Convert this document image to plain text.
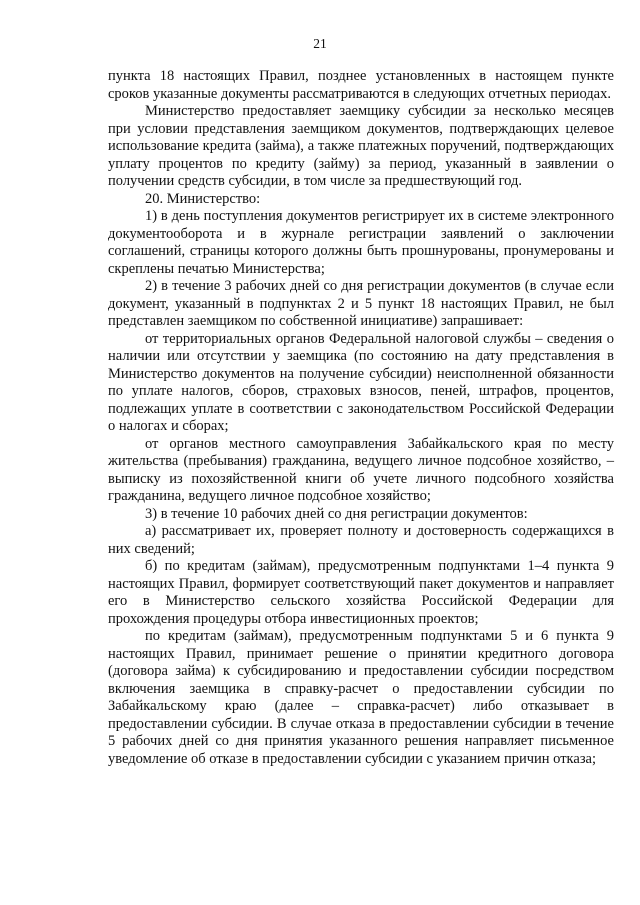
21

пункта 18 настоящих Правил, позднее установленных в настоящем пункте сроков указанные документы рассматриваются в следующих отчетных периодах.

Министерство предоставляет заемщику субсидии за несколько месяцев при условии представления заемщиком документов, подтверждающих целевое использование кредита (займа), а также платежных поручений, подтверждающих уплату процентов по кредиту (займу) за период, указанный в заявлении о получении средств субсидии, в том числе за предшествующий год.

20. Министерство:

1) в день поступления документов регистрирует их в системе электронного документооборота и в журнале регистрации заявлений о заключении соглашений, страницы которого должны быть прошнурованы, пронумерованы и скреплены печатью Министерства;

2) в течение 3 рабочих дней со дня регистрации документов (в случае если документ, указанный в подпунктах 2 и 5 пункт 18 настоящих Правил, не был представлен заемщиком по собственной инициативе) запрашивает:

от территориальных органов Федеральной налоговой службы – сведения о наличии или отсутствии у заемщика (по состоянию на дату представления в Министерство документов на получение субсидии) неисполненной обязанности по уплате налогов, сборов, страховых взносов, пеней, штрафов, процентов, подлежащих уплате в соответствии с законодательством Российской Федерации о налогах и сборах;

от органов местного самоуправления Забайкальского края по месту жительства (пребывания) гражданина, ведущего личное подсобное хозяйство, – выписку из похозяйственной книги об учете личного подсобного хозяйства гражданина, ведущего личное подсобное хозяйство;

3) в течение 10 рабочих дней со дня регистрации документов:

а) рассматривает их, проверяет полноту и достоверность содержащихся в них сведений;

б) по кредитам (займам), предусмотренным подпунктами 1–4 пункта 9 настоящих Правил, формирует соответствующий пакет документов и направляет его в Министерство сельского хозяйства Российской Федерации для прохождения процедуры отбора инвестиционных проектов;

по кредитам (займам), предусмотренным подпунктами 5 и 6 пункта 9 настоящих Правил, принимает решение о принятии кредитного договора (договора займа) к субсидированию и предоставлении субсидии посредством включения заемщика в справку-расчет о предоставлении субсидии по Забайкальскому краю (далее – справка-расчет) либо отказывает в предоставлении субсидии. В случае отказа в предоставлении субсидии в течение 5 рабочих дней со дня принятия указанного решения направляет письменное уведомление об отказе в предоставлении субсидии с указанием причин отказа;
